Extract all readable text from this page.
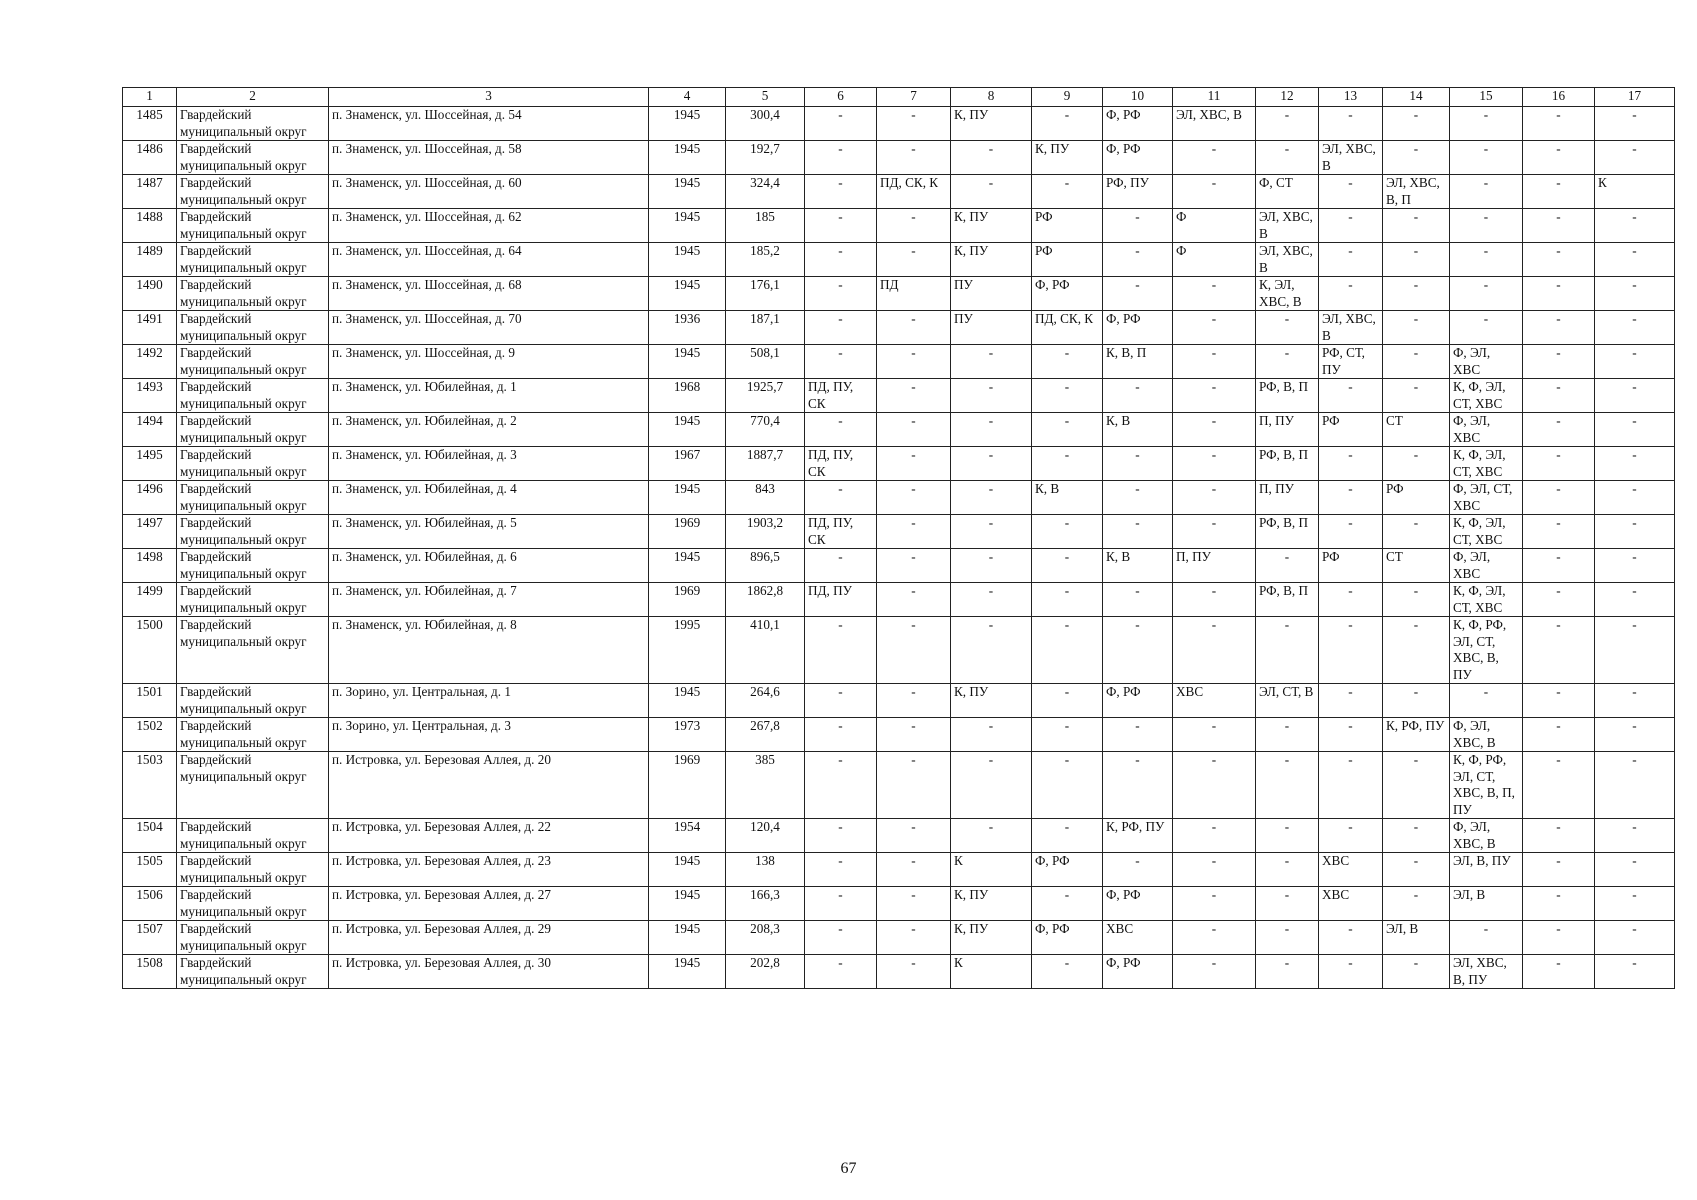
1	2	3	4	5	6	7	8	9	10	11	12	13	14	15	16	17
1485	Гвардейский муниципальный округ	п. Знаменск, ул. Шоссейная, д. 54	1945	300,4	-	-	К, ПУ	-	Ф, РФ	ЭЛ, ХВС, В	-	-	-	-	-	-
1486	Гвардейский муниципальный округ	п. Знаменск, ул. Шоссейная, д. 58	1945	192,7	-	-	-	К, ПУ	Ф, РФ	-	-	ЭЛ, ХВС, В	-	-	-	-
1487	Гвардейский муниципальный округ	п. Знаменск, ул. Шоссейная, д. 60	1945	324,4	-	ПД, СК, К	-	-	РФ, ПУ	-	Ф, СТ	-	ЭЛ, ХВС, В, П	-	-	К
1488	Гвардейский муниципальный округ	п. Знаменск, ул. Шоссейная, д. 62	1945	185	-	-	К, ПУ	РФ	-	Ф	ЭЛ, ХВС, В	-	-	-	-	-
1489	Гвардейский муниципальный округ	п. Знаменск, ул. Шоссейная, д. 64	1945	185,2	-	-	К, ПУ	РФ	-	Ф	ЭЛ, ХВС, В	-	-	-	-	-
1490	Гвардейский муниципальный округ	п. Знаменск, ул. Шоссейная, д. 68	1945	176,1	-	ПД	ПУ	Ф, РФ	-	-	К, ЭЛ, ХВС, В	-	-	-	-	-
1491	Гвардейский муниципальный округ	п. Знаменск, ул. Шоссейная, д. 70	1936	187,1	-	-	ПУ	ПД, СК, К	Ф, РФ	-	-	ЭЛ, ХВС, В	-	-	-	-
1492	Гвардейский муниципальный округ	п. Знаменск, ул. Шоссейная, д. 9	1945	508,1	-	-	-	-	К, В, П	-	-	РФ, СТ, ПУ	-	Ф, ЭЛ, ХВС	-	-
1493	Гвардейский муниципальный округ	п. Знаменск, ул. Юбилейная, д. 1	1968	1925,7	ПД, ПУ, СК	-	-	-	-	-	РФ, В, П	-	-	К, Ф, ЭЛ, СТ, ХВС	-	-
1494	Гвардейский муниципальный округ	п. Знаменск, ул. Юбилейная, д. 2	1945	770,4	-	-	-	-	К, В	-	П, ПУ	РФ	СТ	Ф, ЭЛ, ХВС	-	-
1495	Гвардейский муниципальный округ	п. Знаменск, ул. Юбилейная, д. 3	1967	1887,7	ПД, ПУ, СК	-	-	-	-	-	РФ, В, П	-	-	К, Ф, ЭЛ, СТ, ХВС	-	-
1496	Гвардейский муниципальный округ	п. Знаменск, ул. Юбилейная, д. 4	1945	843	-	-	-	К, В	-	-	П, ПУ	-	РФ	Ф, ЭЛ, СТ, ХВС	-	-
1497	Гвардейский муниципальный округ	п. Знаменск, ул. Юбилейная, д. 5	1969	1903,2	ПД, ПУ, СК	-	-	-	-	-	РФ, В, П	-	-	К, Ф, ЭЛ, СТ, ХВС	-	-
1498	Гвардейский муниципальный округ	п. Знаменск, ул. Юбилейная, д. 6	1945	896,5	-	-	-	-	К, В	П, ПУ	-	РФ	СТ	Ф, ЭЛ, ХВС	-	-
1499	Гвардейский муниципальный округ	п. Знаменск, ул. Юбилейная, д. 7	1969	1862,8	ПД, ПУ	-	-	-	-	-	РФ, В, П	-	-	К, Ф, ЭЛ, СТ, ХВС	-	-
1500	Гвардейский муниципальный округ	п. Знаменск, ул. Юбилейная, д. 8	1995	410,1	-	-	-	-	-	-	-	-	-	К, Ф, РФ, ЭЛ, СТ, ХВС, В, ПУ	-	-
1501	Гвардейский муниципальный округ	п. Зорино, ул. Центральная, д. 1	1945	264,6	-	-	К, ПУ	-	Ф, РФ	ХВС	ЭЛ, СТ, В	-	-	-	-	-
1502	Гвардейский муниципальный округ	п. Зорино, ул. Центральная, д. 3	1973	267,8	-	-	-	-	-	-	-	-	К, РФ, ПУ	Ф, ЭЛ, ХВС, В	-	-
1503	Гвардейский муниципальный округ	п. Истровка, ул. Березовая Аллея, д. 20	1969	385	-	-	-	-	-	-	-	-	-	К, Ф, РФ, ЭЛ, СТ, ХВС, В, П, ПУ	-	-
1504	Гвардейский муниципальный округ	п. Истровка, ул. Березовая Аллея, д. 22	1954	120,4	-	-	-	-	К, РФ, ПУ	-	-	-	-	Ф, ЭЛ, ХВС, В	-	-
1505	Гвардейский муниципальный округ	п. Истровка, ул. Березовая Аллея, д. 23	1945	138	-	-	К	Ф, РФ	-	-	-	ХВС	-	ЭЛ, В, ПУ	-	-
1506	Гвардейский муниципальный округ	п. Истровка, ул. Березовая Аллея, д. 27	1945	166,3	-	-	К, ПУ	-	Ф, РФ	-	-	ХВС	-	ЭЛ, В	-	-
1507	Гвардейский муниципальный округ	п. Истровка, ул. Березовая Аллея, д. 29	1945	208,3	-	-	К, ПУ	Ф, РФ	ХВС	-	-	-	ЭЛ, В	-	-	-
1508	Гвардейский муниципальный округ	п. Истровка, ул. Березовая Аллея, д. 30	1945	202,8	-	-	К	-	Ф, РФ	-	-	-	-	ЭЛ, ХВС, В, ПУ	-	-
67
